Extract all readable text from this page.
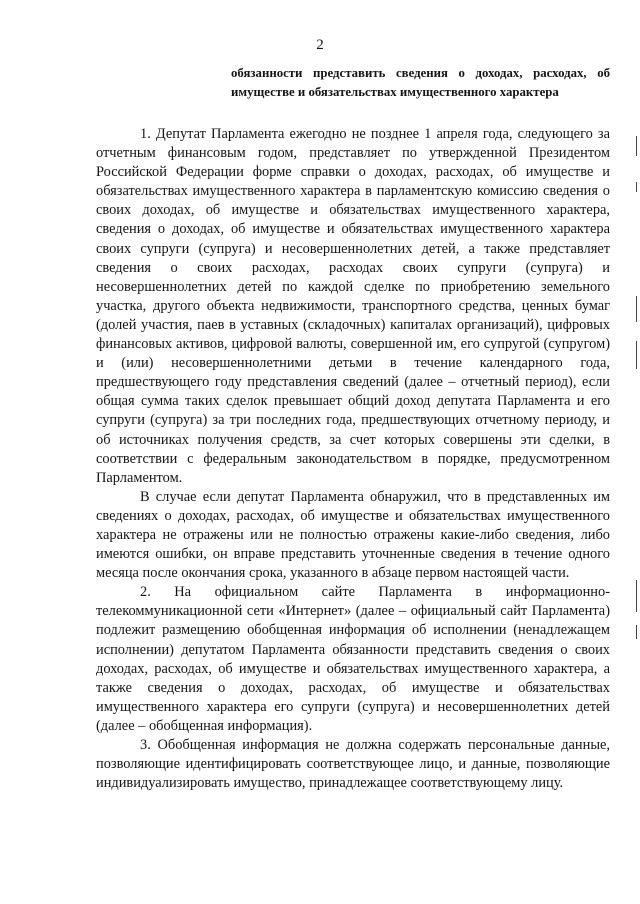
2
обязанности представить сведения о доходах, расходах, об имуществе и обязательствах имущественного характера

1. Депутат Парламента ежегодно не позднее 1 апреля года, следующего за отчетным финансовым годом, представляет по утвержденной Президентом Российской Федерации форме справки о доходах, расходах, об имуществе и обязательствах имущественного характера в парламентскую комиссию сведения о своих доходах, об имуществе и обязательствах имущественного характера, сведения о доходах, об имуществе и обязательствах имущественного характера своих супруги (супруга) и несовершеннолетних детей, а также представляет сведения о своих расходах, расходах своих супруги (супруга) и несовершеннолетних детей по каждой сделке по приобретению земельного участка, другого объекта недвижимости, транспортного средства, ценных бумаг (долей участия, паев в уставных (складочных) капиталах организаций), цифровых финансовых активов, цифровой валюты, совершенной им, его супругой (супругом) и (или) несовершеннолетними детьми в течение календарного года, предшествующего году представления сведений (далее – отчетный период), если общая сумма таких сделок превышает общий доход депутата Парламента и его супруги (супруга) за три последних года, предшествующих отчетному периоду, и об источниках получения средств, за счет которых совершены эти сделки, в соответствии с федеральным законодательством в порядке, предусмотренном Парламентом.

В случае если депутат Парламента обнаружил, что в представленных им сведениях о доходах, расходах, об имуществе и обязательствах имущественного характера не отражены или не полностью отражены какие-либо сведения, либо имеются ошибки, он вправе представить уточненные сведения в течение одного месяца после окончания срока, указанного в абзаце первом настоящей части.

2. На официальном сайте Парламента в информационно-телекоммуникационной сети «Интернет» (далее – официальный сайт Парламента) подлежит размещению обобщенная информация об исполнении (ненадлежащем исполнении) депутатом Парламента обязанности представить сведения о своих доходах, расходах, об имуществе и обязательствах имущественного характера, а также сведения о доходах, расходах, об имуществе и обязательствах имущественного характера его супруги (супруга) и несовершеннолетних детей (далее – обобщенная информация).

3. Обобщенная информация не должна содержать персональные данные, позволяющие идентифицировать соответствующее лицо, и данные, позволяющие индивидуализировать имущество, принадлежащее соответствующему лицу.
